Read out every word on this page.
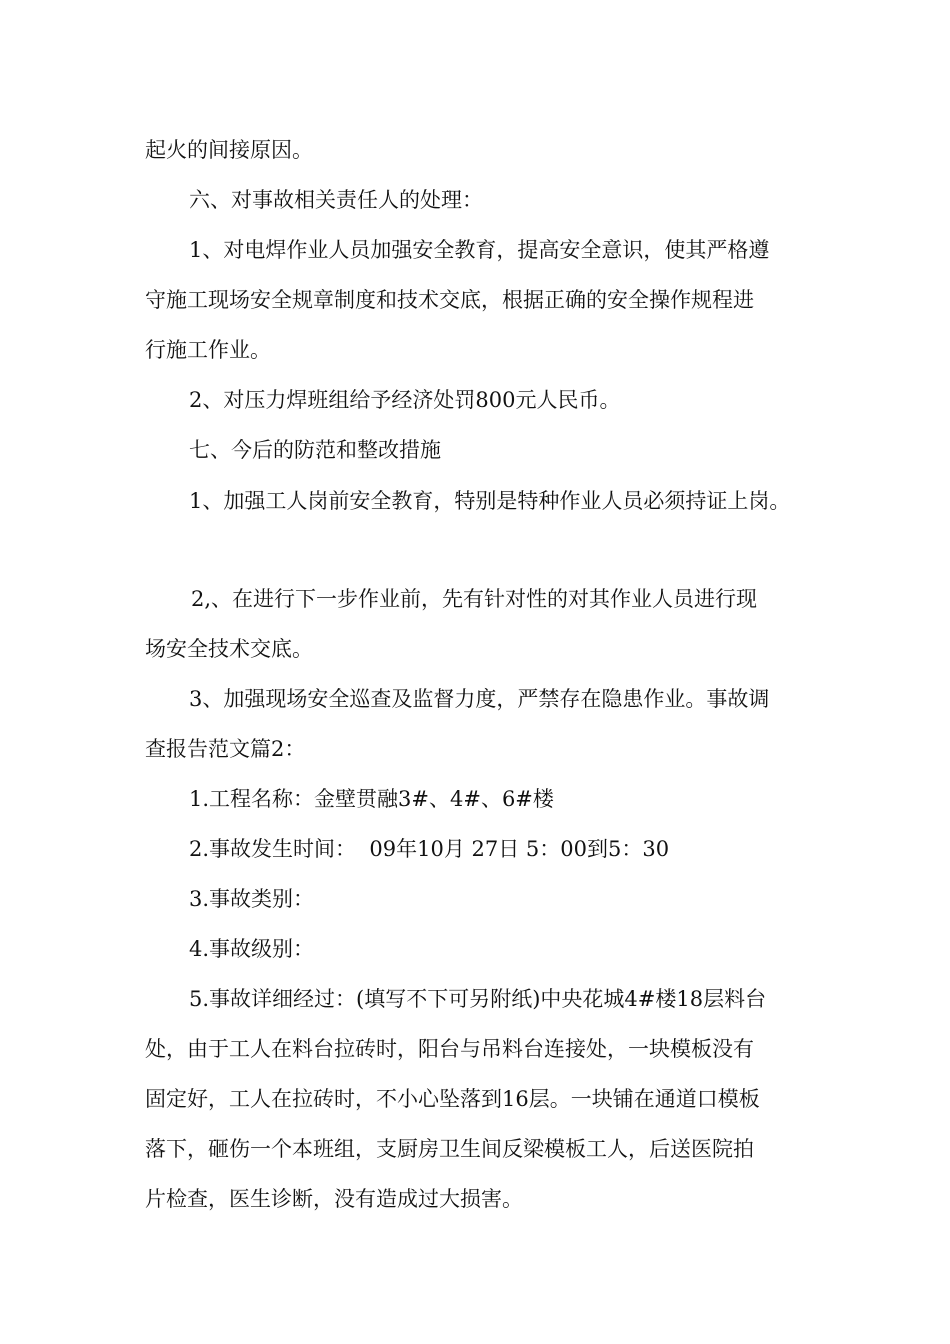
起火的间接原因。
六、对事故相关责任人的处理：
1、对电焊作业人员加强安全教育，提高安全意识，使其严格遵
守施工现场安全规章制度和技术交底，根据正确的安全操作规程进
行施工作业。
2、对压力焊班组给予经济处罚800元人民币。
七、今后的防范和整改措施
1、加强工人岗前安全教育，特别是特种作业人员必须持证上岗。
2,、在进行下一步作业前，先有针对性的对其作业人员进行现
场安全技术交底。
3、加强现场安全巡查及监督力度，严禁存在隐患作业。事故调
查报告范文篇2：
1.工程名称：金壁贯融3#、4#、6#楼
2.事故发生时间：  09年10月 27日 5：00到5：30
3.事故类别：
4.事故级别：
5.事故详细经过：(填写不下可另附纸)中央花城4#楼18层料台
处，由于工人在料台拉砖时，阳台与吊料台连接处，一块模板没有
固定好，工人在拉砖时，不小心坠落到16层。一块铺在通道口模板
落下，砸伤一个本班组，支厨房卫生间反梁模板工人，后送医院拍
片检查，医生诊断，没有造成过大损害。
